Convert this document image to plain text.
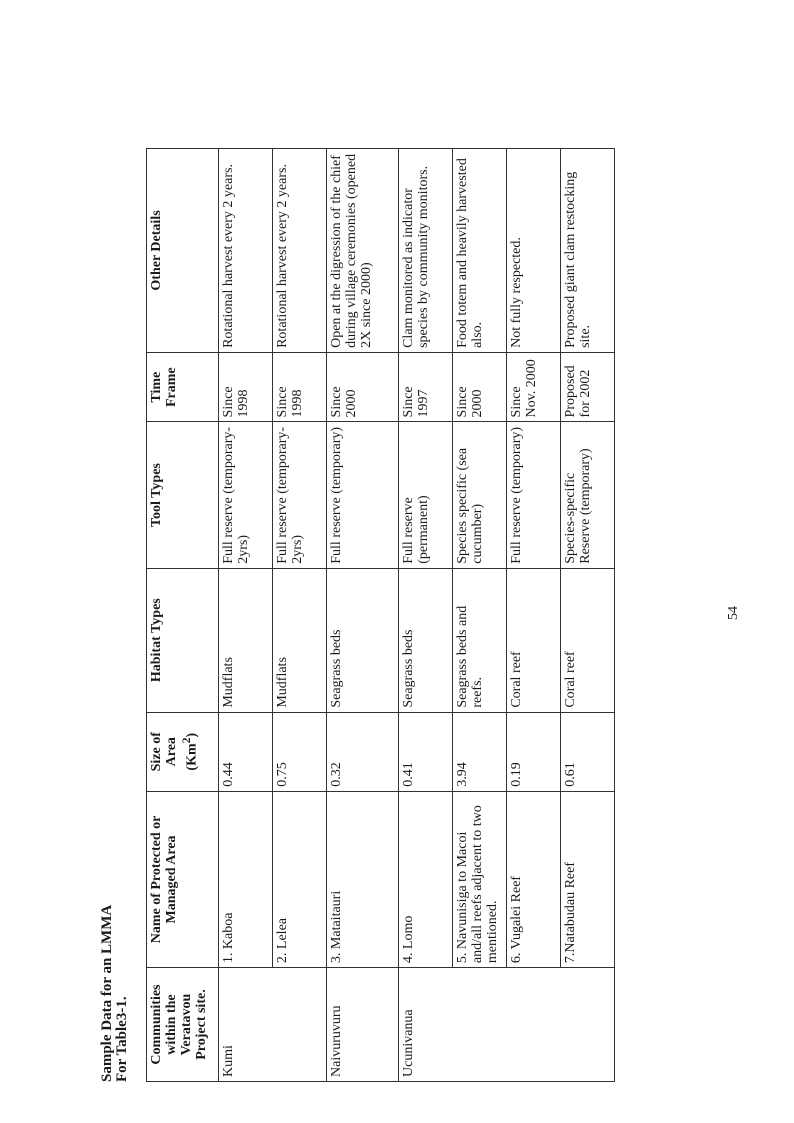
Sample Data for an LMMA For Table3-1. Communities within the Veratavou Project site.	Name of Protected or Managed Area	Size of Area (Km$^2$)	Habitat Types	Tool Types	Time Frame	Other Details
Kumi	1. Kaboa	0.44	Mudflats	Full reserve (temporary-2yrs)	Since 1998	Rotational harvest every 2 years.
	2. Lelea	0.75	Mudflats	Full reserve (temporary-2yrs)	Since 1998	Rotational harvest every 2 years.
Naivuruvuru	3. Mataitauri	0.32	Seagrass beds	Full reserve (temporary)	Since 2000	Open at the digression of the chief during village ceremonies (opened 2X since 2000)
Ucunivanua	4. Lomo	0.41	Seagrass beds	Full reserve (permanent)	Since 1997	Clam monitored as indicator species by community monitors.
	5. Navunisiga to Macoi and/all reefs adjacent to two mentioned.	3.94	Seagrass beds and reefs.	Species specific (sea cucumber)	Since 2000	Food totem and heavily harvested also.
	6. Vugalei Reef	0.19	Coral reef	Full reserve (temporary)	Since Nov. 2000	Not fully respected.
	7.Natabudau Reef	0.61	Coral reef	Species-specific Reserve (temporary)	Proposed for 2002	Proposed giant clam restocking site.
54
